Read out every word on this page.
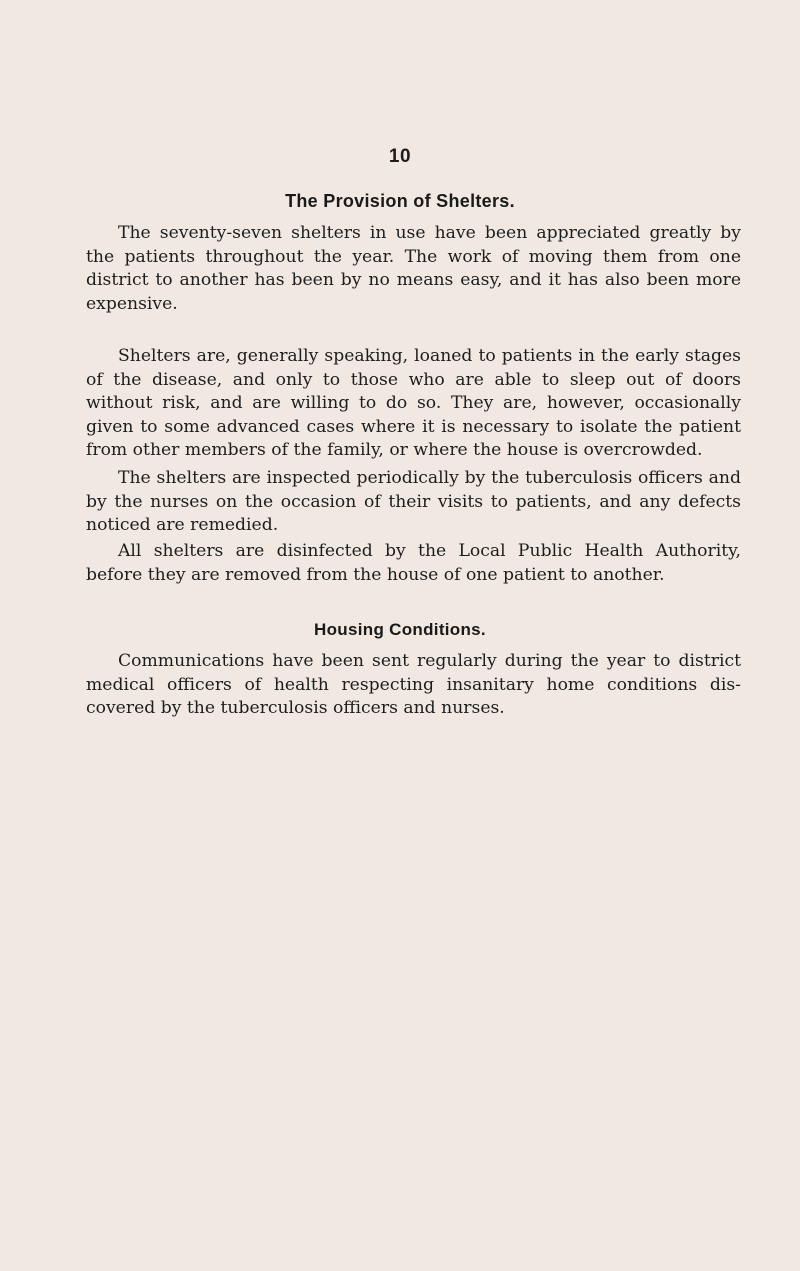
10
The Provision of Shelters.

The seventy-seven shelters in use have been appreciated greatly by the patients throughout the year. The work of moving them from one district to another has been by no means easy, and it has also been more expensive.

Shelters are, generally speaking, loaned to patients in the early stages of the disease, and only to those who are able to sleep out of doors without risk, and are willing to do so. They are, however, occasionally given to some advanced cases where it is necessary to isolate the patient from other members of the family, or where the house is overcrowded.

The shelters are inspected periodically by the tuberculosis officers and by the nurses on the occasion of their visits to patients, and any defects noticed are remedied.

All shelters are disinfected by the Local Public Health Authority, before they are removed from the house of one patient to another.

Housing Conditions.

Communications have been sent regularly during the year to district medical officers of health respecting insanitary home conditions dis-covered by the tuberculosis officers and nurses.
